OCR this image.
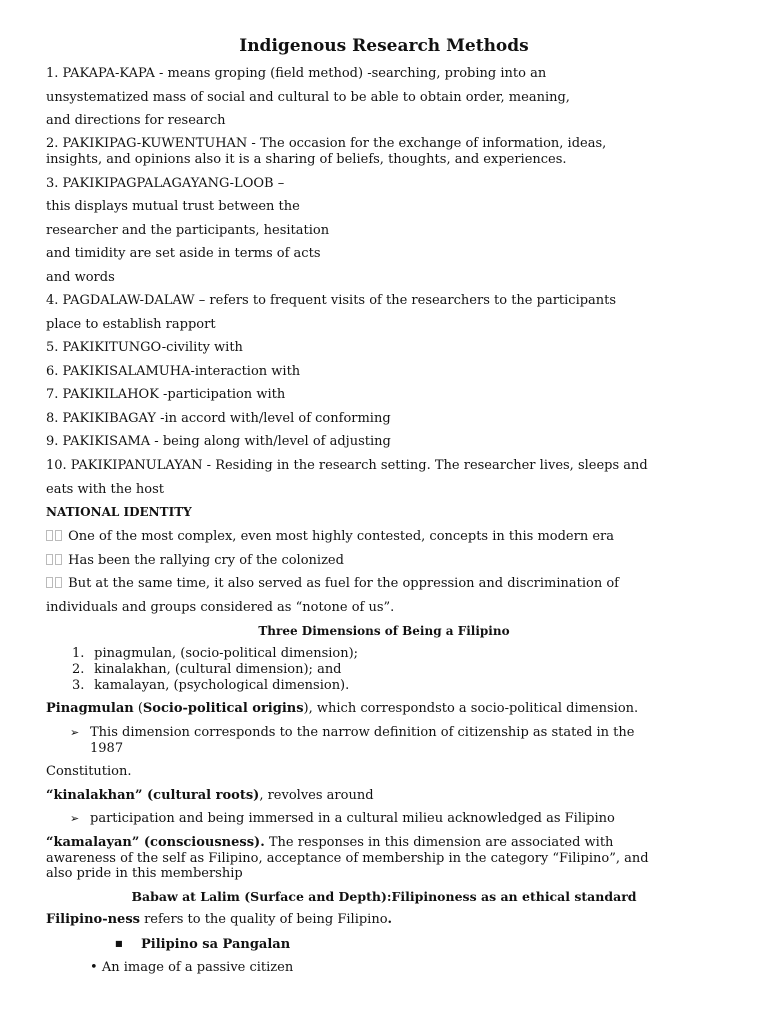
Indigenous Research Methods
1. PAKAPA-KAPA - means groping (field method) -searching, probing into an
unsystematized mass of social and cultural to be able to obtain order, meaning,
and directions for research
2. PAKIKIPAG-KUWENTUHAN - The occasion for the exchange of information, ideas,
insights, and opinions also it is a sharing of beliefs, thoughts, and experiences.
3. PAKIKIPAGPALAGAYANG-LOOB –
this displays mutual trust between the
researcher and the participants, hesitation
and timidity are set aside in terms of acts
and words
4. PAGDALAW-DALAW – refers to frequent visits of the researchers to the participants
place to establish rapport
5. PAKIKITUNGO-civility with
6. PAKIKISALAMUHA-interaction with
7. PAKIKILAHOK -participation with
8. PAKIKIBAGAY -in accord with/level of conforming
9. PAKIKISAMA - being along with/level of adjusting
10. PAKIKIPANULAYAN - Residing in the research setting. The researcher lives, sleeps and
eats with the host
NATIONAL IDENTITY
One of the most complex, even most highly contested, concepts in this modern era
Has been the rallying cry of the colonized
But at the same time, it also served as fuel for the oppression and discrimination of
individuals and groups considered as “notone of us”.
Three Dimensions of Being a Filipino
1. pinagmulan, (socio-political dimension);
2. kinalakhan, (cultural dimension); and
3. kamalayan, (psychological dimension).
Pinagmulan (Socio-political origins), which correspondsto a socio-political dimension.
➢ This dimension corresponds to the narrow definition of citizenship as stated in the
1987
Constitution.
“kinalakhan” (cultural roots), revolves around
➢ participation and being immersed in a cultural milieu acknowledged as Filipino
“kamalayan” (consciousness). The responses in this dimension are associated with
awareness of the self as Filipino, acceptance of membership in the category “Filipino”, and
also pride in this membership
Babaw at Lalim (Surface and Depth):Filipinoness as an ethical standard
Filipino-ness refers to the quality of being Filipino.
■ Pilipino sa Pangalan
• An image of a passive citizen
